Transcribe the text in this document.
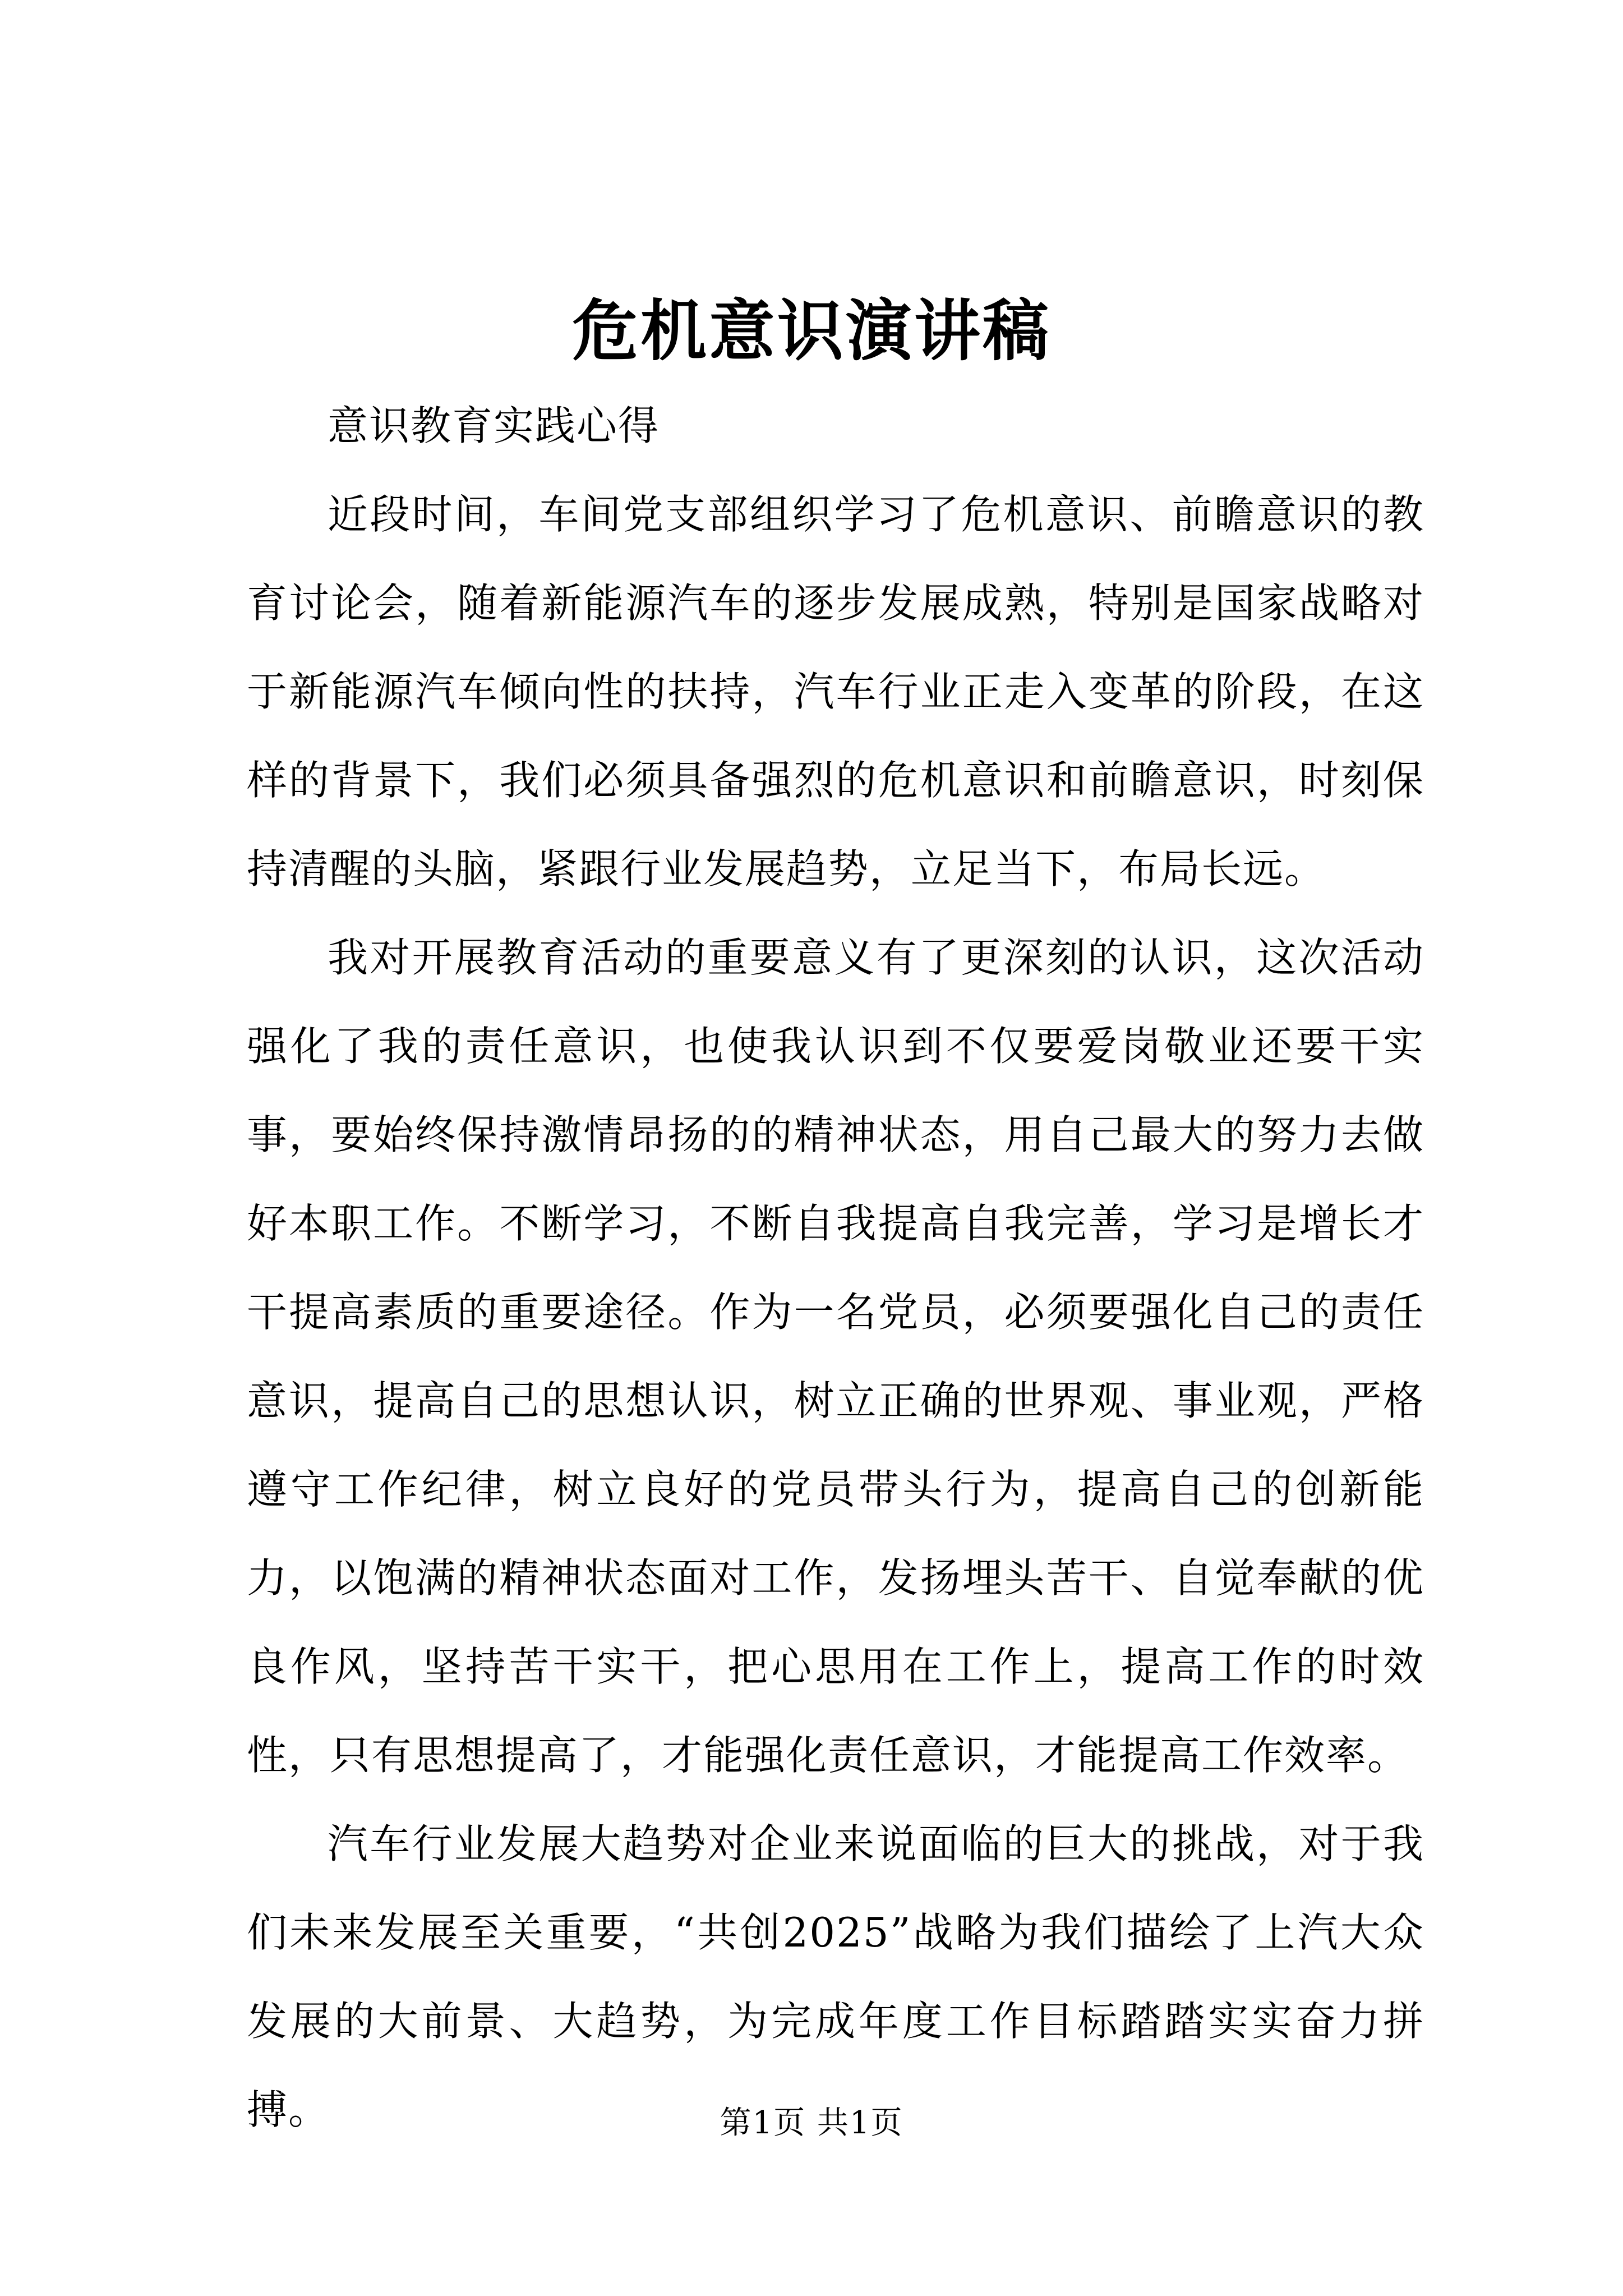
危机意识演讲稿

意识教育实践心得

近段时间，车间党支部组织学习了危机意识、前瞻意识的教育讨论会，随着新能源汽车的逐步发展成熟，特别是国家战略对于新能源汽车倾向性的扶持，汽车行业正走入变革的阶段，在这样的背景下，我们必须具备强烈的危机意识和前瞻意识，时刻保持清醒的头脑，紧跟行业发展趋势，立足当下，布局长远。

我对开展教育活动的重要意义有了更深刻的认识，这次活动强化了我的责任意识，也使我认识到不仅要爱岗敬业还要干实事，要始终保持激情昂扬的的精神状态，用自己最大的努力去做好本职工作。不断学习，不断自我提高自我完善，学习是增长才干提高素质的重要途径。作为一名党员，必须要强化自己的责任意识，提高自己的思想认识，树立正确的世界观、事业观，严格遵守工作纪律，树立良好的党员带头行为，提高自己的创新能力，以饱满的精神状态面对工作，发扬埋头苦干、自觉奉献的优良作风，坚持苦干实干，把心思用在工作上，提高工作的时效性，只有思想提高了，才能强化责任意识，才能提高工作效率。

汽车行业发展大趋势对企业来说面临的巨大的挑战，对于我们未来发展至关重要，“共创2025”战略为我们描绘了上汽大众发展的大前景、大趋势，为完成年度工作目标踏踏实实奋力拼搏。	第1页 共1页
